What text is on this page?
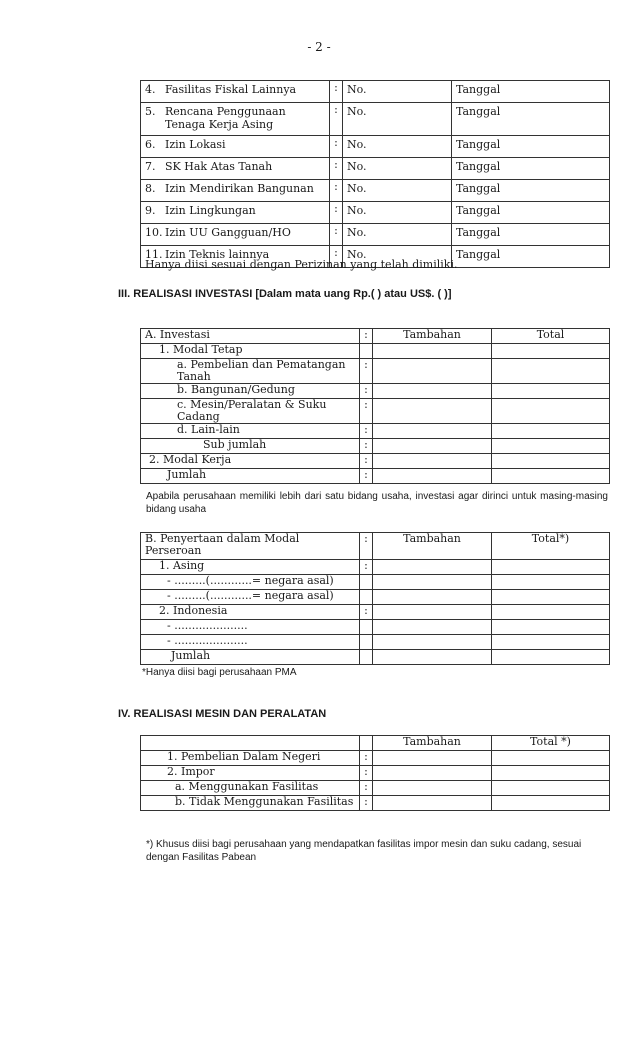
- 2 -
4. Fasilitas Fiskal Lainnya	:	No.	Tanggal
5. Rencana Penggunaan Tenaga Kerja Asing	:	No.	Tanggal
6. Izin Lokasi	:	No.	Tanggal
7. SK Hak Atas Tanah	:	No.	Tanggal
8. Izin Mendirikan Bangunan	:	No.	Tanggal
9. Izin Lingkungan	:	No.	Tanggal
10. Izin UU Gangguan/HO	:	No.	Tanggal
11. Izin Teknis lainnya	:	No.	Tanggal
Hanya diisi sesuai dengan Perizinan yang telah dimiliki.
III. REALISASI INVESTASI [Dalam mata uang Rp.( ) atau US$. ( )]
A. Investasi	:	Tambahan	Total
1. Modal Tetap			
a. Pembelian dan Pematangan Tanah	:		
b. Bangunan/Gedung	:		
c. Mesin/Peralatan & Suku Cadang	:		
d. Lain-lain	:		
Sub jumlah	:		
2. Modal Kerja	:		
Jumlah	:		
Apabila perusahaan memiliki lebih dari satu bidang usaha, investasi agar dirinci untuk masing-masing bidang usaha
B. Penyertaan dalam Modal Perseroan	:	Tambahan	Total*)
1. Asing	:		
- .........(............= negara asal)			
- .........(............= negara asal)			
2. Indonesia	:		
- .....................			
- .....................			
Jumlah			
*Hanya diisi bagi perusahaan PMA
IV. REALISASI MESIN DAN PERALATAN
		Tambahan	Total *)
1. Pembelian Dalam Negeri	:		
2. Impor	:		
a. Menggunakan Fasilitas	:		
b. Tidak Menggunakan Fasilitas	:		
*) Khusus diisi bagi perusahaan yang mendapatkan fasilitas impor mesin dan suku cadang, sesuai dengan Fasilitas Pabean
